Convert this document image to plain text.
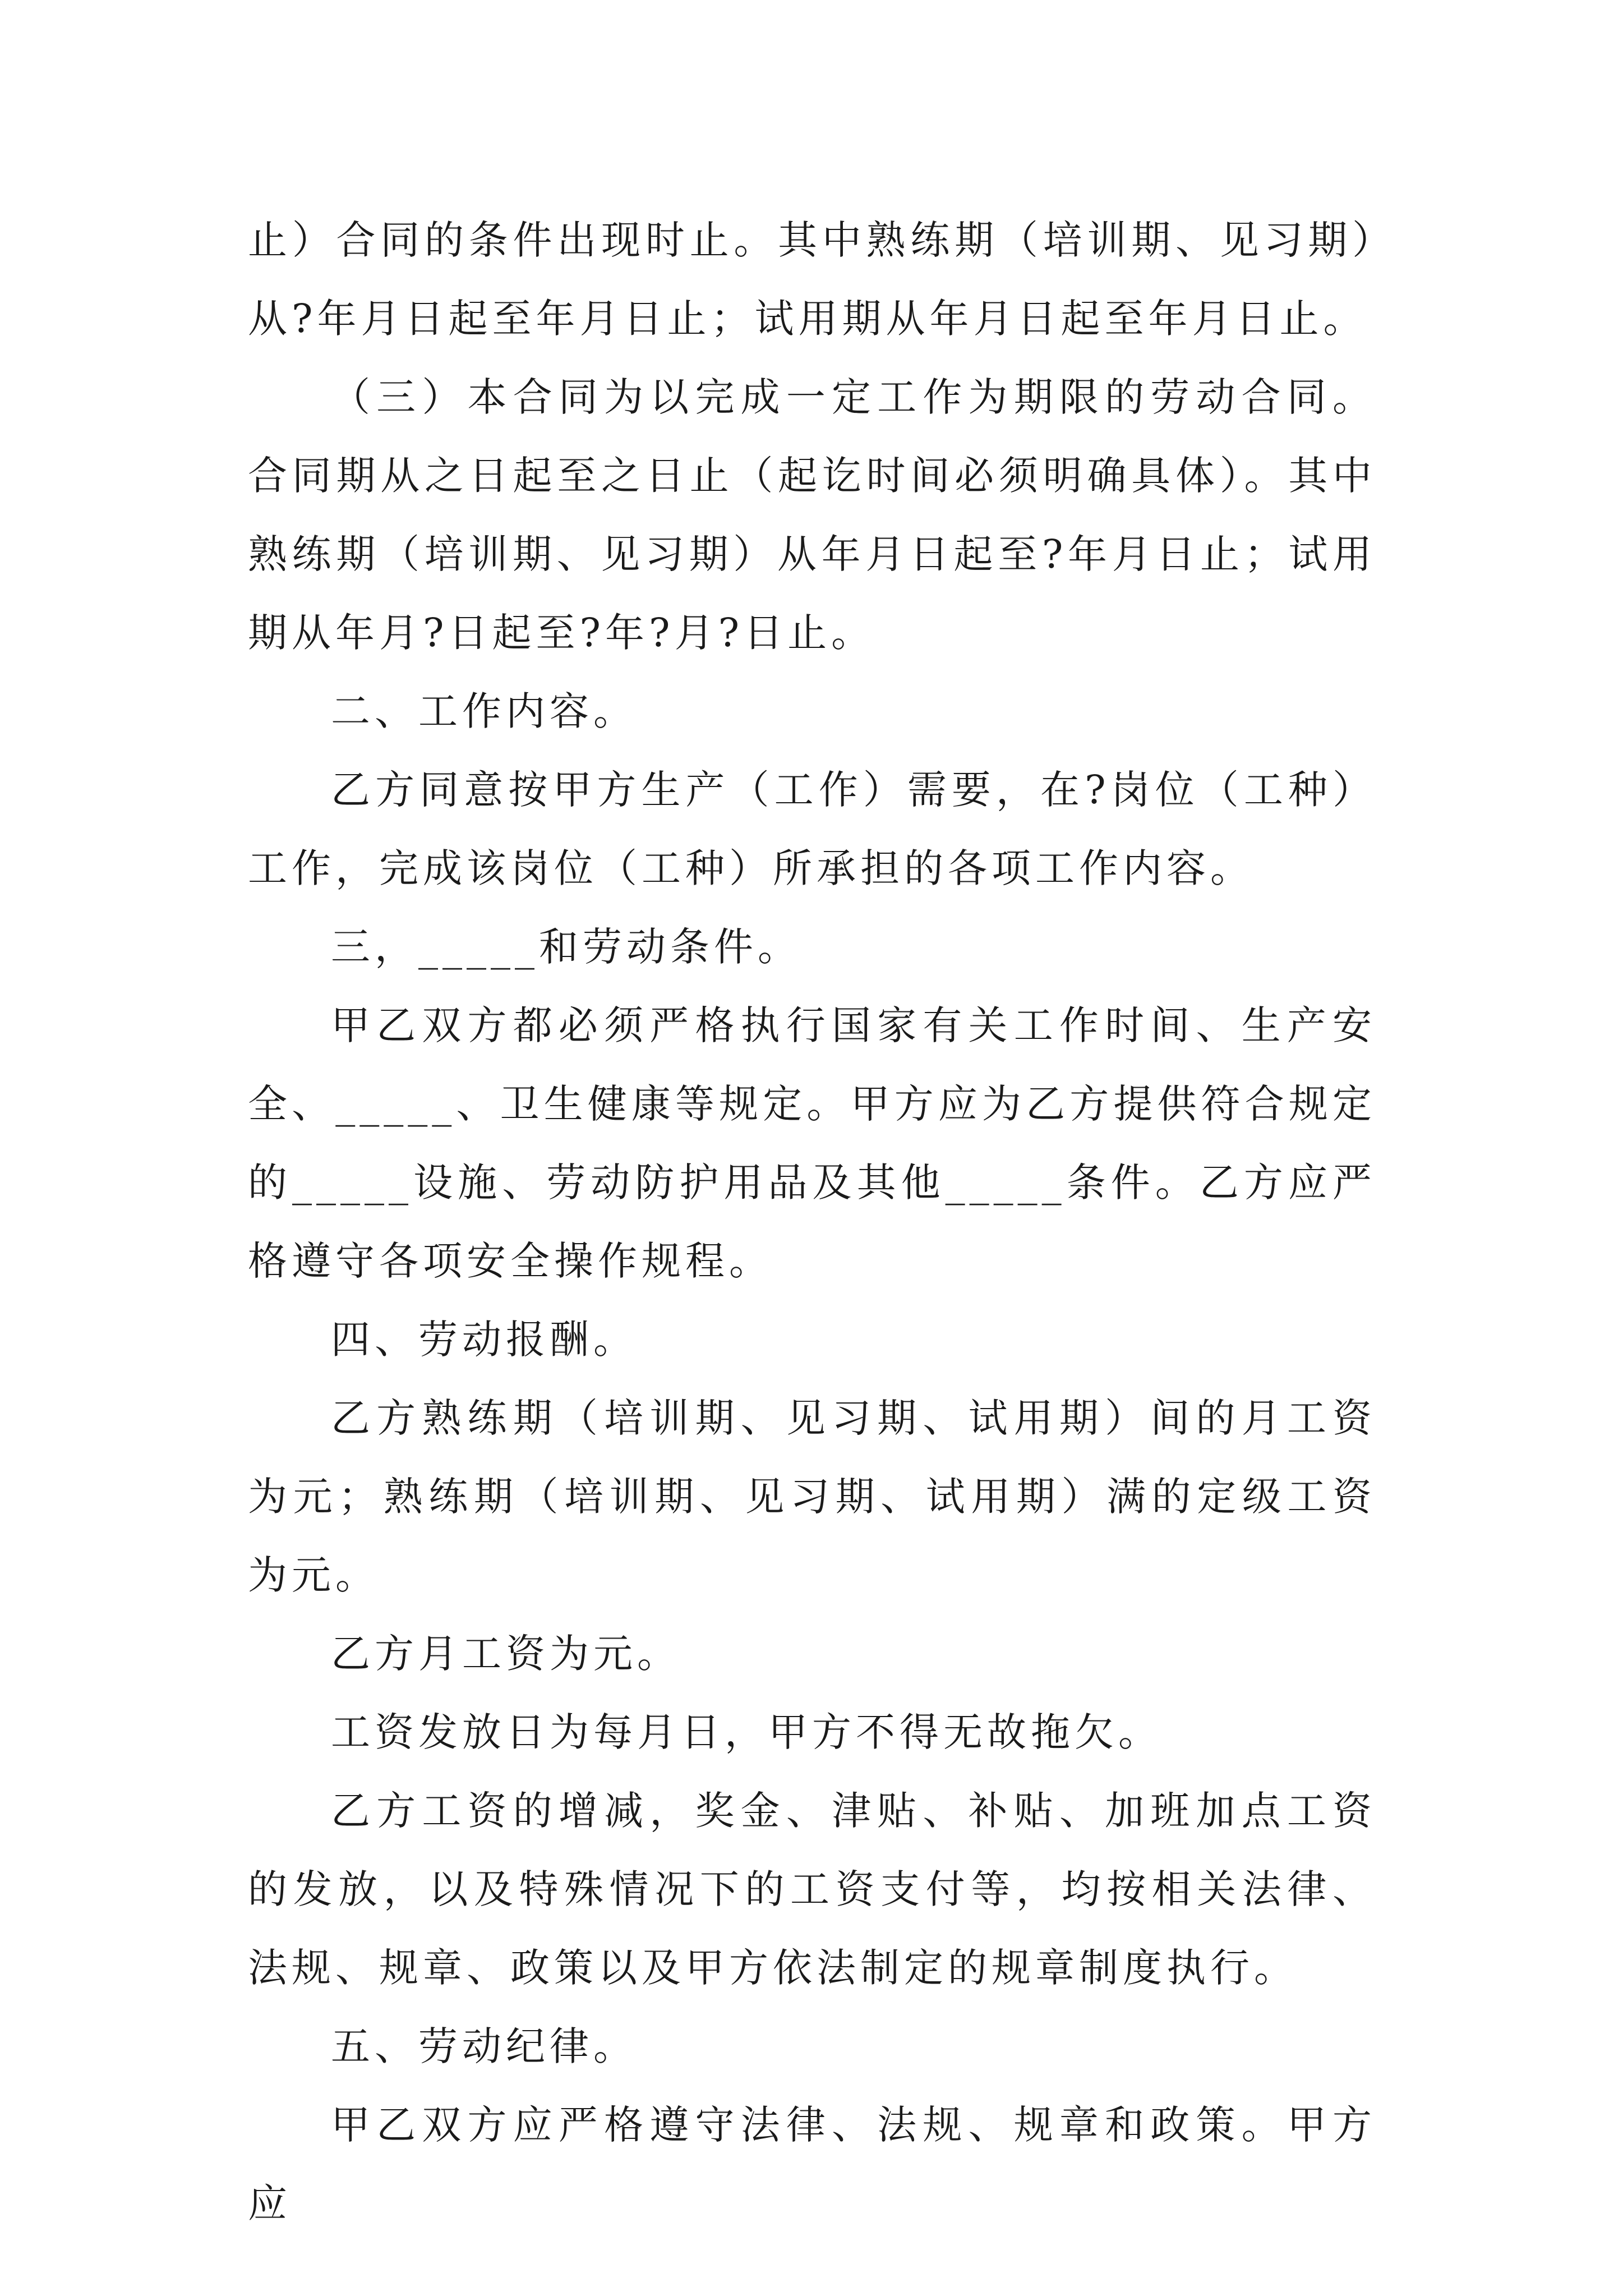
止）合同的条件出现时止。其中熟练期（培训期、见习期）从?年月日起至年月日止；试用期从年月日起至年月日止。

（三）本合同为以完成一定工作为期限的劳动合同。合同期从之日起至之日止（起讫时间必须明确具体）。其中熟练期（培训期、见习期）从年月日起至?年月日止；试用期从年月?日起至?年?月?日止。

二、工作内容。

乙方同意按甲方生产（工作）需要，在?岗位（工种）工作，完成该岗位（工种）所承担的各项工作内容。

三，_____和劳动条件。

甲乙双方都必须严格执行国家有关工作时间、生产安全、_____、卫生健康等规定。甲方应为乙方提供符合规定的_____设施、劳动防护用品及其他_____条件。乙方应严格遵守各项安全操作规程。

四、劳动报酬。

乙方熟练期（培训期、见习期、试用期）间的月工资为元；熟练期（培训期、见习期、试用期）满的定级工资为元。

乙方月工资为元。

工资发放日为每月日，甲方不得无故拖欠。

乙方工资的增减，奖金、津贴、补贴、加班加点工资的发放，以及特殊情况下的工资支付等，均按相关法律、法规、规章、政策以及甲方依法制定的规章制度执行。

五、劳动纪律。

甲乙双方应严格遵守法律、法规、规章和政策。甲方应
